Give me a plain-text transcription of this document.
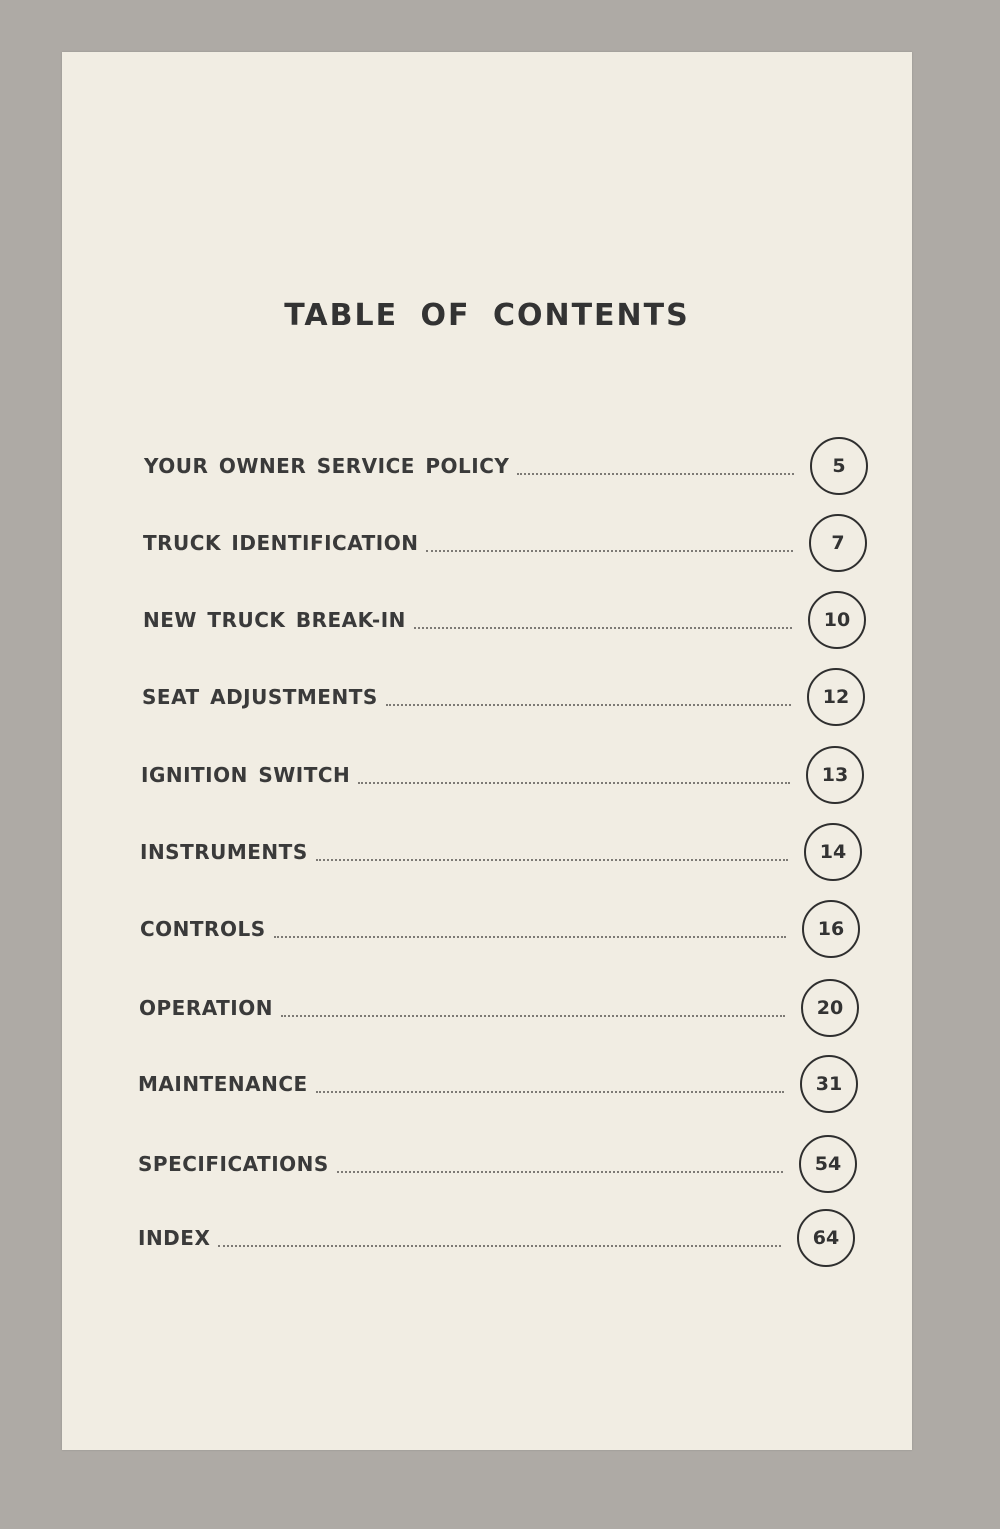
TABLE OF CONTENTS
YOUR OWNER SERVICE POLICY	5
TRUCK IDENTIFICATION	7
NEW TRUCK BREAK-IN	10
SEAT ADJUSTMENTS	12
IGNITION SWITCH	13
INSTRUMENTS	14
CONTROLS	16
OPERATION	20
MAINTENANCE	31
SPECIFICATIONS	54
INDEX	64
